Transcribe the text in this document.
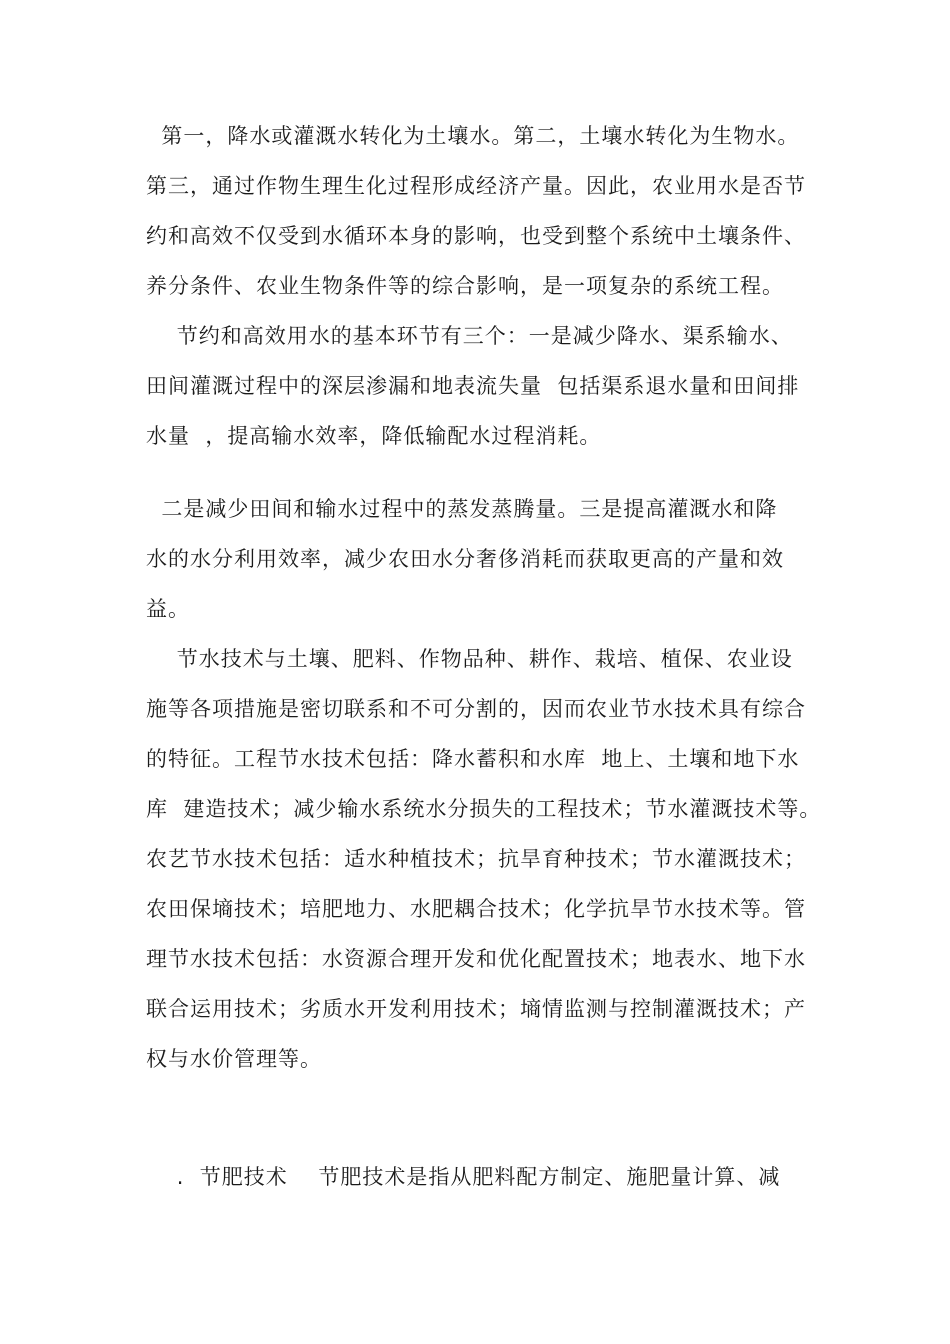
第一，降水或灌溉水转化为土壤水。第二，土壤水转化为生物水。
第三，通过作物生理生化过程形成经济产量。因此，农业用水是否节
约和高效不仅受到水循环本身的影响，也受到整个系统中土壤条件、
养分条件、农业生物条件等的综合影响，是一项复杂的系统工程。
节约和高效用水的基本环节有三个：一是减少降水、渠系输水、
田间灌溉过程中的深层渗漏和地表流失量  包括渠系退水量和田间排
水量  ，提高输水效率，降低输配水过程消耗。
二是减少田间和输水过程中的蒸发蒸腾量。三是提高灌溉水和降
水的水分利用效率，减少农田水分奢侈消耗而获取更高的产量和效
益。
节水技术与土壤、肥料、作物品种、耕作、栽培、植保、农业设
施等各项措施是密切联系和不可分割的，因而农业节水技术具有综合
的特征。工程节水技术包括：降水蓄积和水库  地上、土壤和地下水
库  建造技术；减少输水系统水分损失的工程技术；节水灌溉技术等。
农艺节水技术包括：适水种植技术；抗旱育种技术；节水灌溉技术；
农田保墒技术；培肥地力、水肥耦合技术；化学抗旱节水技术等。管
理节水技术包括：水资源合理开发和优化配置技术；地表水、地下水
联合运用技术；劣质水开发利用技术；墒情监测与控制灌溉技术；产
权与水价管理等。
.  节肥技术    节肥技术是指从肥料配方制定、施肥量计算、减
